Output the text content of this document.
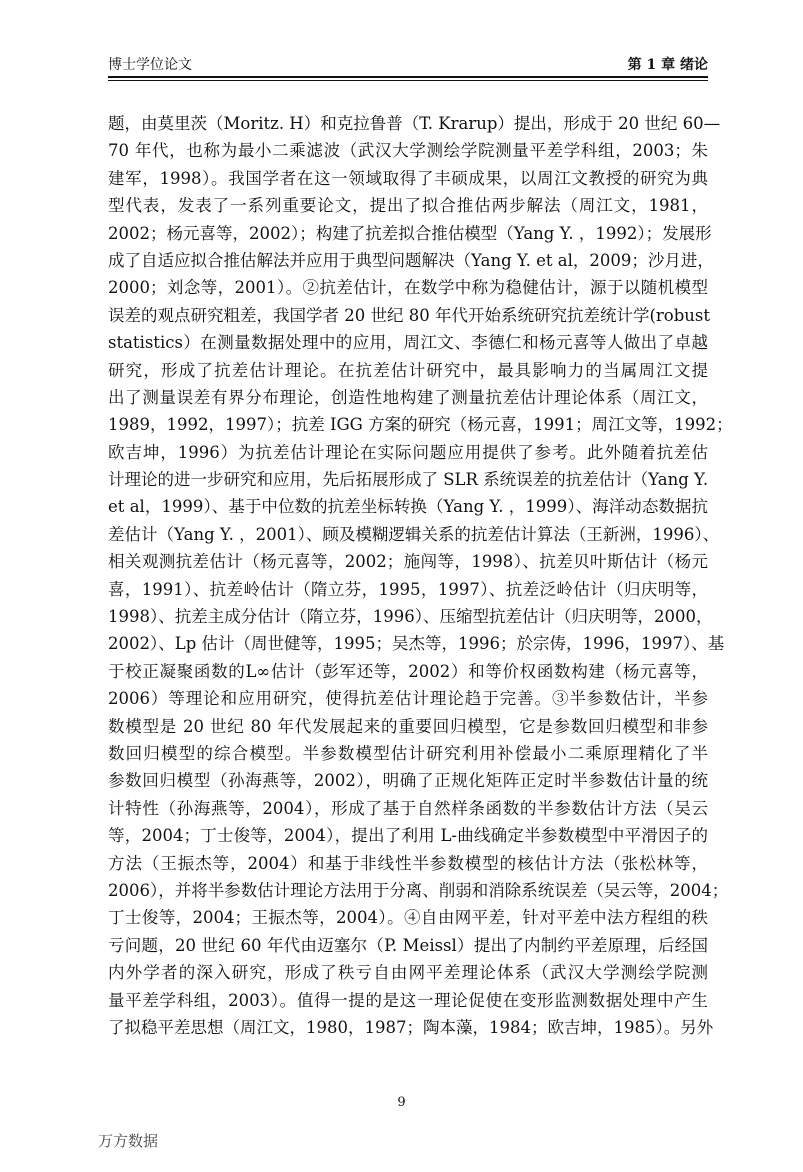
博士学位论文	第 1 章 绪论
题，由莫里茨（Moritz. H）和克拉鲁普（T. Krarup）提出，形成于 20 世纪 60—
70 年代，也称为最小二乘滤波（武汉大学测绘学院测量平差学科组，2003；朱
建军，1998）。我国学者在这一领域取得了丰硕成果，以周江文教授的研究为典
型代表，发表了一系列重要论文，提出了拟合推估两步解法（周江文，1981，
2002；杨元喜等，2002）；构建了抗差拟合推估模型（Yang Y. ，1992）；发展形
成了自适应拟合推估解法并应用于典型问题解决（Yang Y. et al，2009；沙月进，
2000；刘念等，2001）。②抗差估计，在数学中称为稳健估计，源于以随机模型
误差的观点研究粗差，我国学者 20 世纪 80 年代开始系统研究抗差统计学(robust
statistics）在测量数据处理中的应用，周江文、李德仁和杨元喜等人做出了卓越
研究，形成了抗差估计理论。在抗差估计研究中，最具影响力的当属周江文提
出了测量误差有界分布理论，创造性地构建了测量抗差估计理论体系（周江文，
1989，1992，1997）；抗差 IGG 方案的研究（杨元喜，1991；周江文等，1992；
欧吉坤，1996）为抗差估计理论在实际问题应用提供了参考。此外随着抗差估
计理论的进一步研究和应用，先后拓展形成了 SLR 系统误差的抗差估计（Yang Y.
et al，1999）、基于中位数的抗差坐标转换（Yang Y. ，1999）、海洋动态数据抗
差估计（Yang Y. ，2001）、顾及模糊逻辑关系的抗差估计算法（王新洲，1996）、
相关观测抗差估计（杨元喜等，2002；施闯等，1998）、抗差贝叶斯估计（杨元
喜，1991）、抗差岭估计（隋立芬，1995，1997）、抗差泛岭估计（归庆明等，
1998）、抗差主成分估计（隋立芬，1996）、压缩型抗差估计（归庆明等，2000，
2002）、Lp 估计（周世健等，1995；吴杰等，1996；於宗俦，1996，1997）、基
于校正凝聚函数的L∞估计（彭军还等，2002）和等价权函数构建（杨元喜等，
2006）等理论和应用研究，使得抗差估计理论趋于完善。③半参数估计，半参
数模型是 20 世纪 80 年代发展起来的重要回归模型，它是参数回归模型和非参
数回归模型的综合模型。半参数模型估计研究利用补偿最小二乘原理精化了半
参数回归模型（孙海燕等，2002），明确了正规化矩阵正定时半参数估计量的统
计特性（孙海燕等，2004），形成了基于自然样条函数的半参数估计方法（吴云
等，2004；丁士俊等，2004），提出了利用 L-曲线确定半参数模型中平滑因子的
方法（王振杰等，2004）和基于非线性半参数模型的核估计方法（张松林等，
2006），并将半参数估计理论方法用于分离、削弱和消除系统误差（吴云等，2004；
丁士俊等，2004；王振杰等，2004）。④自由网平差，针对平差中法方程组的秩
亏问题，20 世纪 60 年代由迈塞尔（P. Meissl）提出了内制约平差原理，后经国
内外学者的深入研究，形成了秩亏自由网平差理论体系（武汉大学测绘学院测
量平差学科组，2003）。值得一提的是这一理论促使在变形监测数据处理中产生
了拟稳平差思想（周江文，1980，1987；陶本藻，1984；欧吉坤，1985）。另外
9
万方数据
